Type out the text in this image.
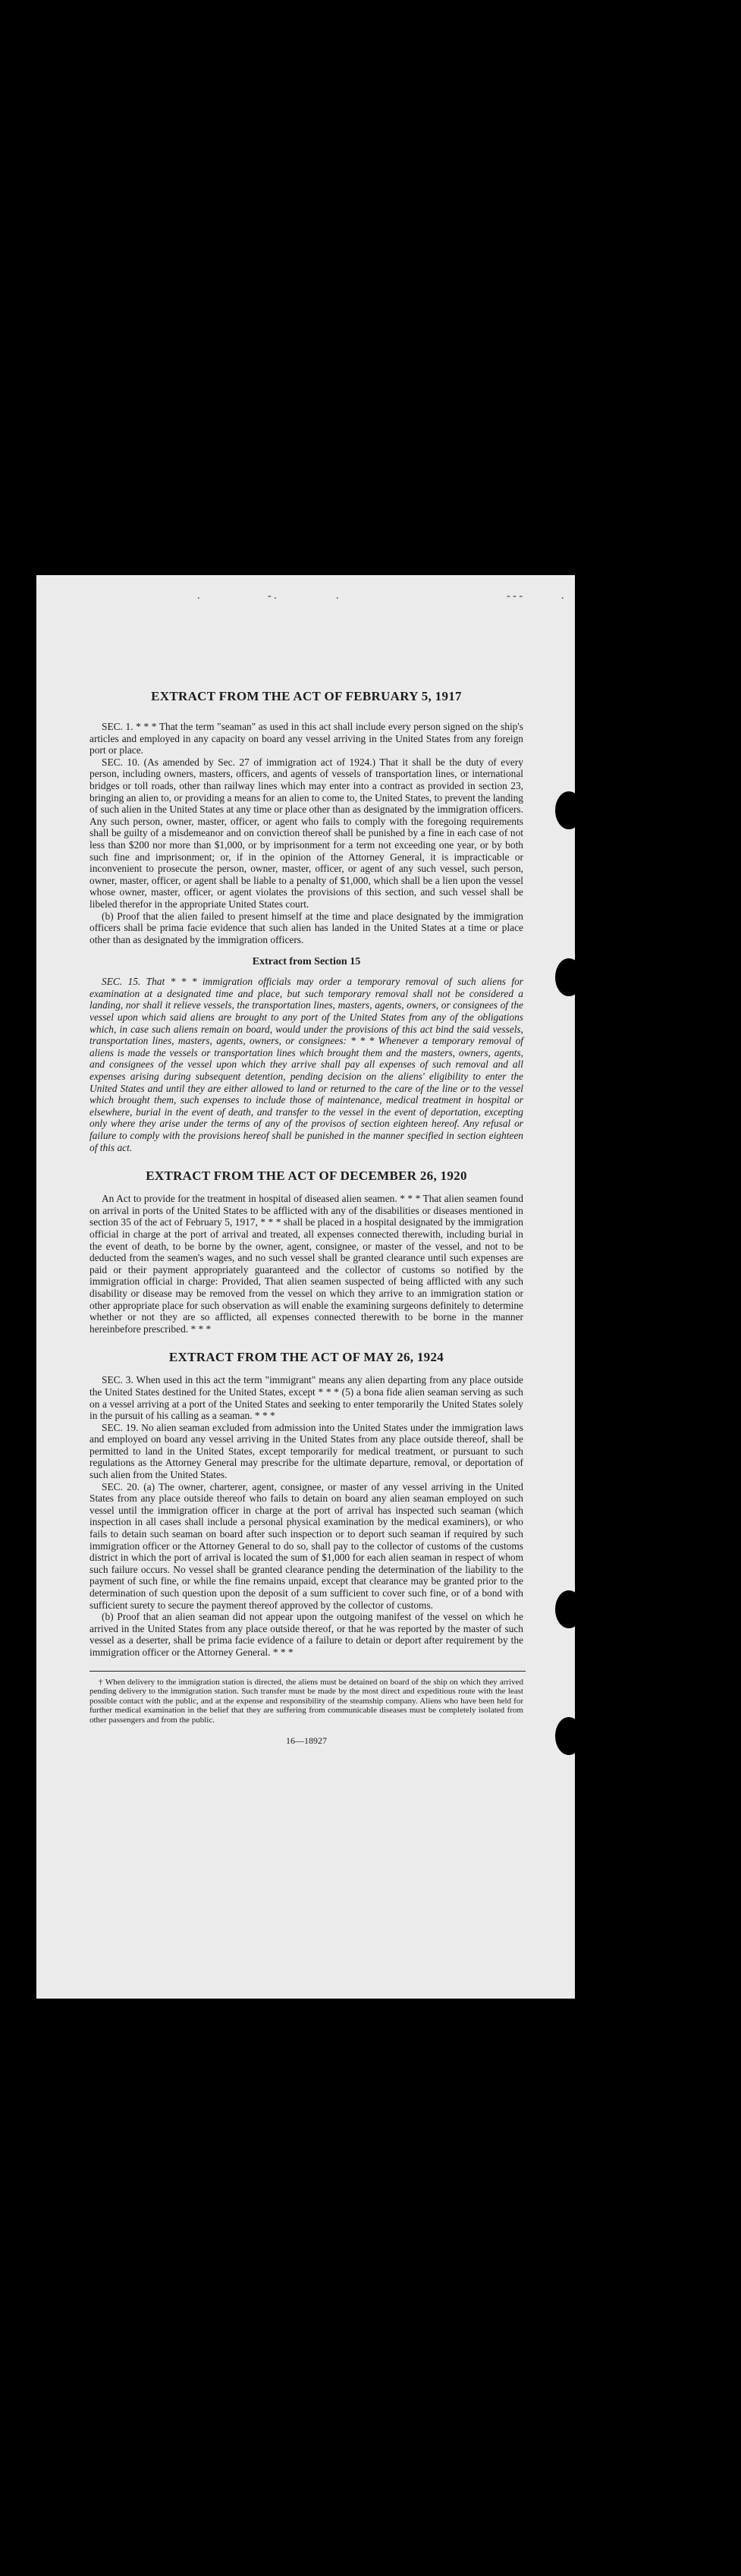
.	- .	.	- - -	.
EXTRACT FROM THE ACT OF FEBRUARY 5, 1917

SEC. 1. * * * That the term "seaman" as used in this act shall include every person signed on the ship's articles and employed in any capacity on board any vessel arriving in the United States from any foreign port or place.

SEC. 10. (As amended by Sec. 27 of immigration act of 1924.) That it shall be the duty of every person, including owners, masters, officers, and agents of vessels of transportation lines, or international bridges or toll roads, other than railway lines which may enter into a contract as provided in section 23, bringing an alien to, or providing a means for an alien to come to, the United States, to prevent the landing of such alien in the United States at any time or place other than as designated by the immigration officers. Any such person, owner, master, officer, or agent who fails to comply with the foregoing requirements shall be guilty of a misdemeanor and on conviction thereof shall be punished by a fine in each case of not less than $200 nor more than $1,000, or by imprisonment for a term not exceeding one year, or by both such fine and imprisonment; or, if in the opinion of the Attorney General, it is impracticable or inconvenient to prosecute the person, owner, master, officer, or agent of any such vessel, such person, owner, master, officer, or agent shall be liable to a penalty of $1,000, which shall be a lien upon the vessel whose owner, master, officer, or agent violates the provisions of this section, and such vessel shall be libeled therefor in the appropriate United States court.

(b) Proof that the alien failed to present himself at the time and place designated by the immigration officers shall be prima facie evidence that such alien has landed in the United States at a time or place other than as designated by the immigration officers.

Extract from Section 15

SEC. 15. That * * * immigration officials may order a temporary removal of such aliens for examination at a designated time and place, but such temporary removal shall not be considered a landing, nor shall it relieve vessels, the transportation lines, masters, agents, owners, or consignees of the vessel upon which said aliens are brought to any port of the United States from any of the obligations which, in case such aliens remain on board, would under the provisions of this act bind the said vessels, transportation lines, masters, agents, owners, or consignees: * * * Whenever a temporary removal of aliens is made the vessels or transportation lines which brought them and the masters, owners, agents, and consignees of the vessel upon which they arrive shall pay all expenses of such removal and all expenses arising during subsequent detention, pending decision on the aliens' eligibility to enter the United States and until they are either allowed to land or returned to the care of the line or to the vessel which brought them, such expenses to include those of maintenance, medical treatment in hospital or elsewhere, burial in the event of death, and transfer to the vessel in the event of deportation, excepting only where they arise under the terms of any of the provisos of section eighteen hereof. Any refusal or failure to comply with the provisions hereof shall be punished in the manner specified in section eighteen of this act.

EXTRACT FROM THE ACT OF DECEMBER 26, 1920

An Act to provide for the treatment in hospital of diseased alien seamen. * * * That alien seamen found on arrival in ports of the United States to be afflicted with any of the disabilities or diseases mentioned in section 35 of the act of February 5, 1917, * * * shall be placed in a hospital designated by the immigration official in charge at the port of arrival and treated, all expenses connected therewith, including burial in the event of death, to be borne by the owner, agent, consignee, or master of the vessel, and not to be deducted from the seamen's wages, and no such vessel shall be granted clearance until such expenses are paid or their payment appropriately guaranteed and the collector of customs so notified by the immigration official in charge: Provided, That alien seamen suspected of being afflicted with any such disability or disease may be removed from the vessel on which they arrive to an immigration station or other appropriate place for such observation as will enable the examining surgeons definitely to determine whether or not they are so afflicted, all expenses connected therewith to be borne in the manner hereinbefore prescribed. * * *

EXTRACT FROM THE ACT OF MAY 26, 1924

SEC. 3. When used in this act the term "immigrant" means any alien departing from any place outside the United States destined for the United States, except * * * (5) a bona fide alien seaman serving as such on a vessel arriving at a port of the United States and seeking to enter temporarily the United States solely in the pursuit of his calling as a seaman. * * *

SEC. 19. No alien seaman excluded from admission into the United States under the immigration laws and employed on board any vessel arriving in the United States from any place outside thereof, shall be permitted to land in the United States, except temporarily for medical treatment, or pursuant to such regulations as the Attorney General may prescribe for the ultimate departure, removal, or deportation of such alien from the United States.

SEC. 20. (a) The owner, charterer, agent, consignee, or master of any vessel arriving in the United States from any place outside thereof who fails to detain on board any alien seaman employed on such vessel until the immigration officer in charge at the port of arrival has inspected such seaman (which inspection in all cases shall include a personal physical examination by the medical examiners), or who fails to detain such seaman on board after such inspection or to deport such seaman if required by such immigration officer or the Attorney General to do so, shall pay to the collector of customs of the customs district in which the port of arrival is located the sum of $1,000 for each alien seaman in respect of whom such failure occurs. No vessel shall be granted clearance pending the determination of the liability to the payment of such fine, or while the fine remains unpaid, except that clearance may be granted prior to the determination of such question upon the deposit of a sum sufficient to cover such fine, or of a bond with sufficient surety to secure the payment thereof approved by the collector of customs.

(b) Proof that an alien seaman did not appear upon the outgoing manifest of the vessel on which he arrived in the United States from any place outside thereof, or that he was reported by the master of such vessel as a deserter, shall be prima facie evidence of a failure to detain or deport after requirement by the immigration officer or the Attorney General. * * *

† When delivery to the immigration station is directed, the aliens must be detained on board of the ship on which they arrived pending delivery to the immigration station. Such transfer must be made by the most direct and expeditious route with the least possible contact with the public, and at the expense and responsibility of the steamship company. Aliens who have been held for further medical examination in the belief that they are suffering from communicable diseases must be completely isolated from other passengers and from the public.

16—18927
